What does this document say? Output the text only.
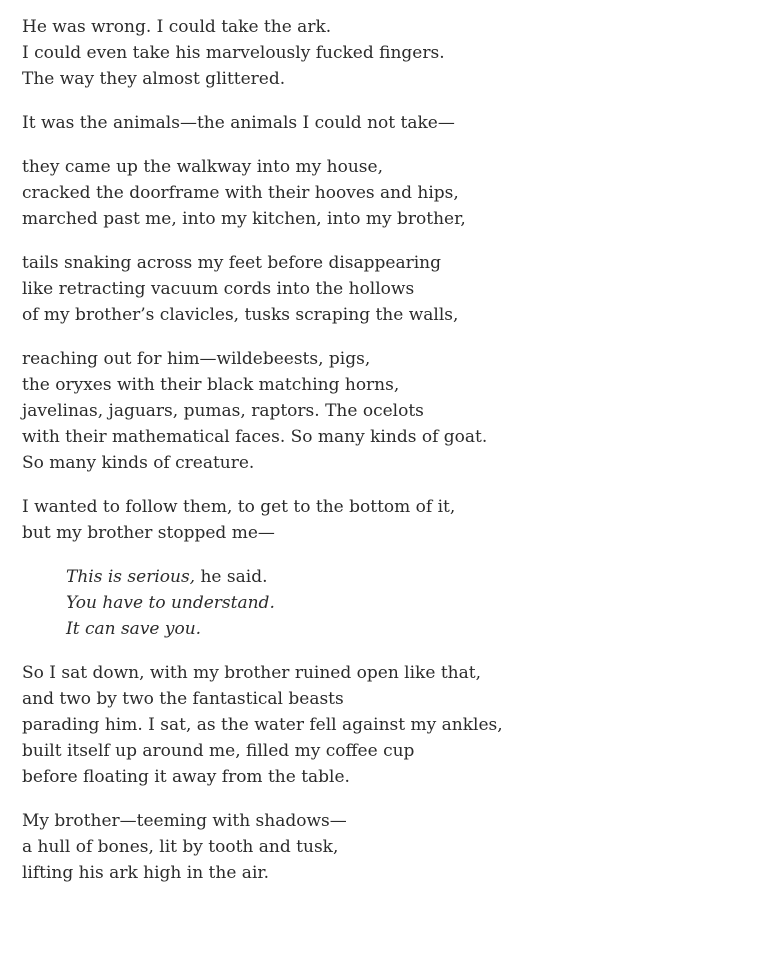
He was wrong. I could take the ark.
I could even take his marvelously fucked fingers.
The way they almost glittered.
It was the animals—the animals I could not take—
they came up the walkway into my house,
cracked the doorframe with their hooves and hips,
marched past me, into my kitchen, into my brother,
tails snaking across my feet before disappearing
like retracting vacuum cords into the hollows
of my brother’s clavicles, tusks scraping the walls,
reaching out for him—wildebeests, pigs,
the oryxes with their black matching horns,
javelinas, jaguars, pumas, raptors. The ocelots
with their mathematical faces. So many kinds of goat.
So many kinds of creature.
I wanted to follow them, to get to the bottom of it,
but my brother stopped me—
This is serious, he said.
You have to understand.
It can save you.
So I sat down, with my brother ruined open like that,
and two by two the fantastical beasts
parading him. I sat, as the water fell against my ankles,
built itself up around me, filled my coffee cup
before floating it away from the table.
My brother—teeming with shadows—
a hull of bones, lit by tooth and tusk,
lifting his ark high in the air.
